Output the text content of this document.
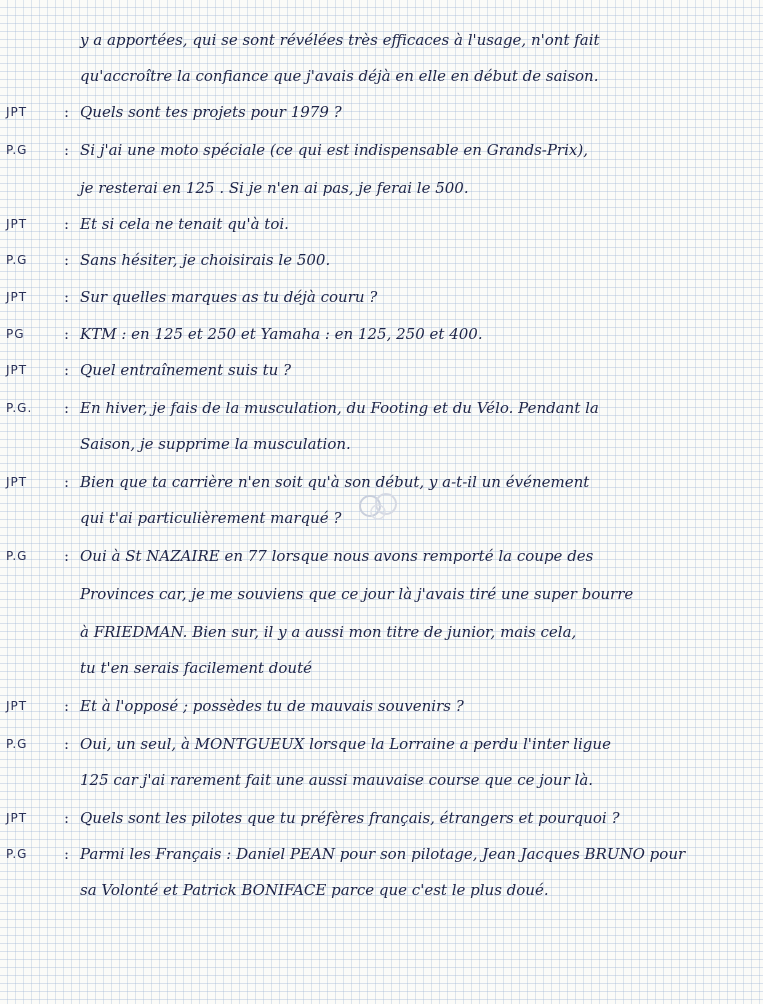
y a apportées, qui se sont révélées très efficaces à l'usage, n'ont fait
qu'accroître la confiance que j'avais déjà en elle en début de saison.
JPT : Quels sont tes projets pour 1979 ?
P.G : Si j'ai une moto spéciale (ce qui est indispensable en Grands-Prix),
je resterai en 125 . Si je n'en ai pas, je ferai le 500.
JPT : Et si cela ne tenait qu'à toi.
P.G : Sans hésiter, je choisirais le 500.
JPT : Sur quelles marques as tu déjà couru ?
PG	: KTM : en 125 et 250 et Yamaha : en 125, 250 et 400.
JPT : Quel entraînement suis tu ?
P.G. : En hiver, je fais de la musculation, du Footing et du Vélo. Pendant la
Saison, je supprime la musculation.
JPT : Bien que ta carrière n'en soit qu'à son début, y a-t-il un événement
qui t'ai particulièrement marqué ?
P.G : Oui à St NAZAIRE en 77 lorsque nous avons remporté la coupe des
Provinces car, je me souviens que ce jour là j'avais tiré une super bourre
à FRIEDMAN. Bien sur, il y a aussi mon titre de junior, mais cela,
tu t'en serais facilement douté
JPT : Et à l'opposé ; possèdes tu de mauvais souvenirs ?
P.G : Oui, un seul, à MONTGUEUX lorsque la Lorraine a perdu l'inter ligue
125 car j'ai rarement fait une aussi mauvaise course que ce jour là.
JPT : Quels sont les pilotes que tu préfères français, étrangers et pourquoi ?
P.G : Parmi les Français : Daniel PEAN pour son pilotage, Jean Jacques BRUNO pour
sa Volonté et Patrick BONIFACE parce que c'est le plus doué.
